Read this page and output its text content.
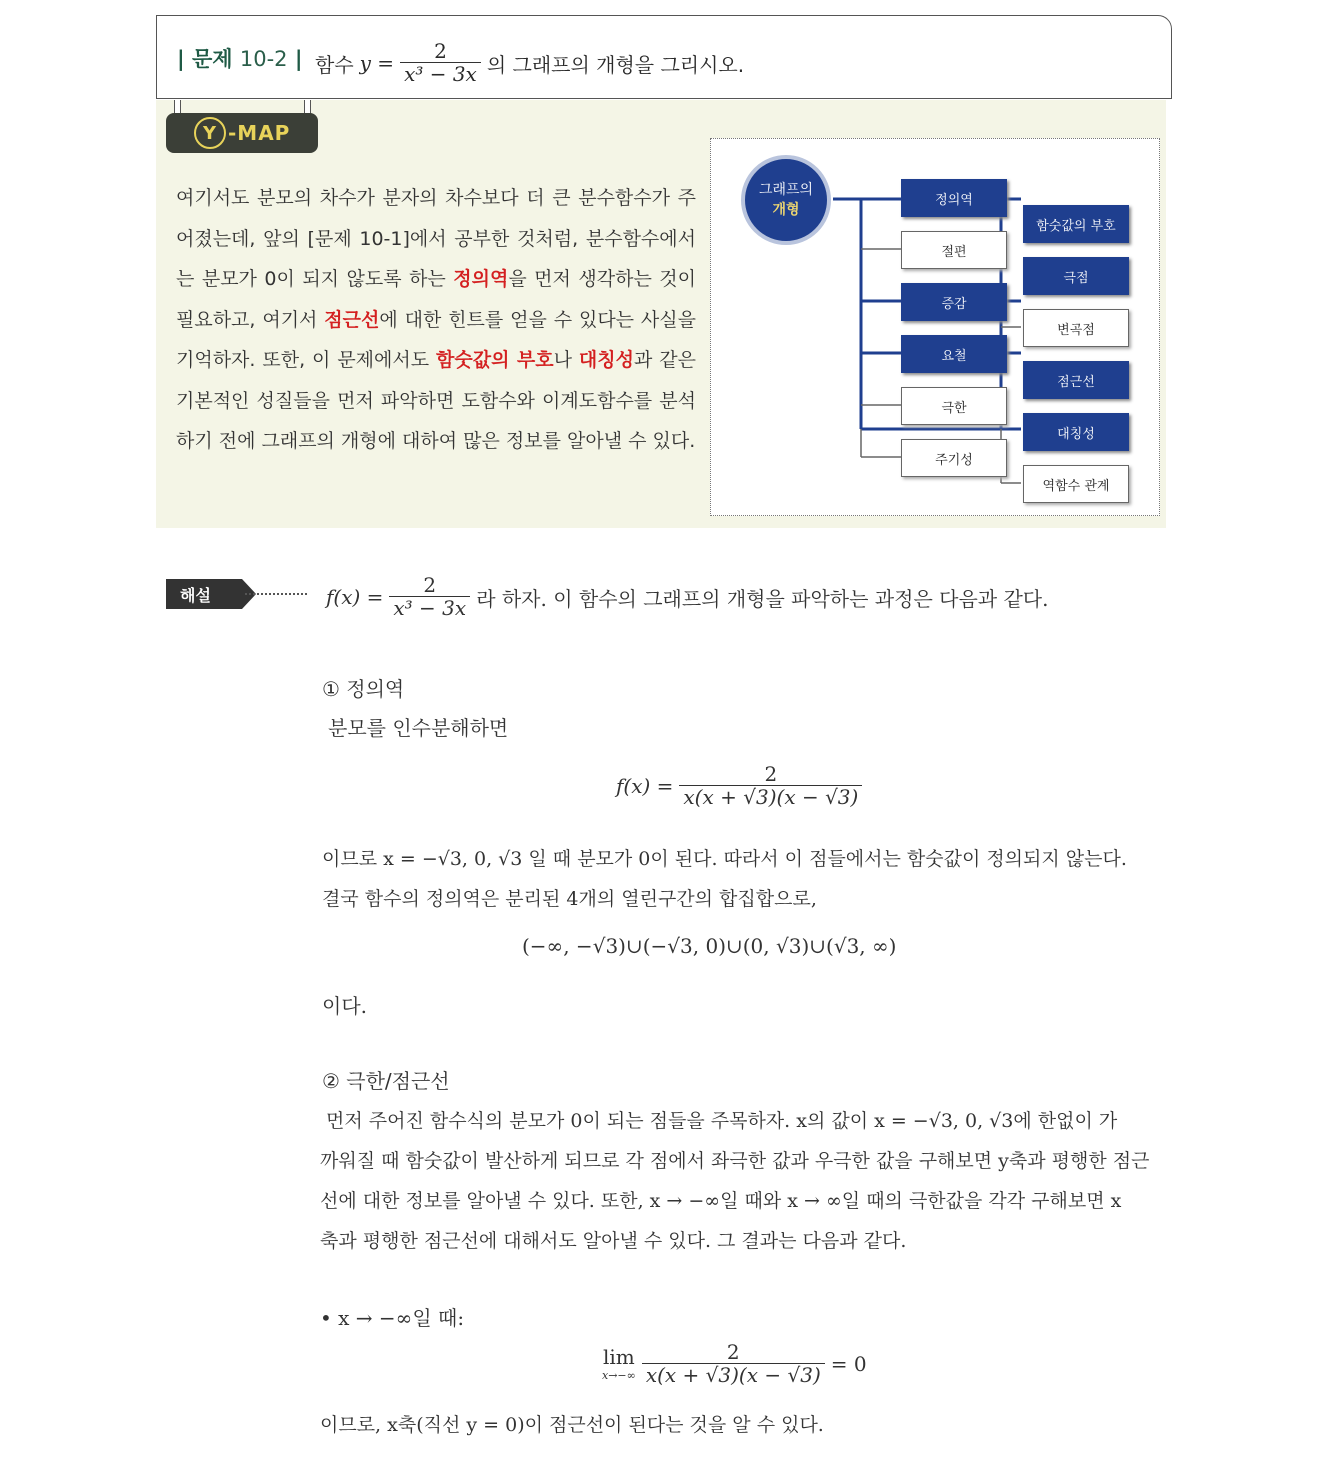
| 문제 10-2 | 함수 $y = \frac{2}{\text{x³ − 3x}}$ 의 그래프의 개형을 그리시오.
Y -MAP
여기서도 분모의 차수가 분자의 차수보다 더 큰 분수함수가 주어졌는데, 앞의 [문제 10-1]에서 공부한 것처럼, 분수함수에서는 분모가 0이 되지 않도록 하는 정의역을 먼저 생각하는 것이 필요하고, 여기서 점근선에 대한 힌트를 얻을 수 있다는 사실을 기억하자. 또한, 이 문제에서도 함숫값의 부호나 대칭성과 같은 기본적인 성질들을 먼저 파악하면 도함수와 이계도함수를 분석하기 전에 그래프의 개형에 대하여 많은 정보를 알아낼 수 있다.
그래프의
개형
정의역
절편
증감
요철
극한
주기성
함숫값의 부호
극점
변곡점
점근선
대칭성
역함수 관계
해설	$f(x) = \frac{2}{\text{x³ − 3x}}$ 라 하자. 이 함수의 그래프의 개형을 파악하는 과정은 다음과 같다.
① 정의역
분모를 인수분해하면
$f(x) = \frac{2}{x(x + √3)(x - √3)}$
이므로 x = −√3, 0, √3 일 때 분모가 0이 된다. 따라서 이 점들에서는 함숫값이 정의되지 않는다.
결국 함수의 정의역은 분리된 4개의 열린구간의 합집합으로,
(−∞, −√3)∪(−√3, 0)∪(0, √3)∪(√3, ∞)
이다.
② 극한/점근선
먼저 주어진 함수식의 분모가 0이 되는 점들을 주목하자. x의 값이 x = −√3, 0, √3에 한없이 가
까워질 때 함숫값이 발산하게 되므로 각 점에서 좌극한 값과 우극한 값을 구해보면 y축과 평행한 점근
선에 대한 정보를 알아낼 수 있다. 또한, x → −∞일 때와 x → ∞일 때의 극한값을 각각 구해보면 x
축과 평행한 점근선에 대해서도 알아낼 수 있다. 그 결과는 다음과 같다.
• x → −∞일 때:
lim
$x\to-\infty \frac{2}{x(x + √3)(x - √3)} = 0$
이므로, x축(직선 y = 0)이 점근선이 된다는 것을 알 수 있다.
